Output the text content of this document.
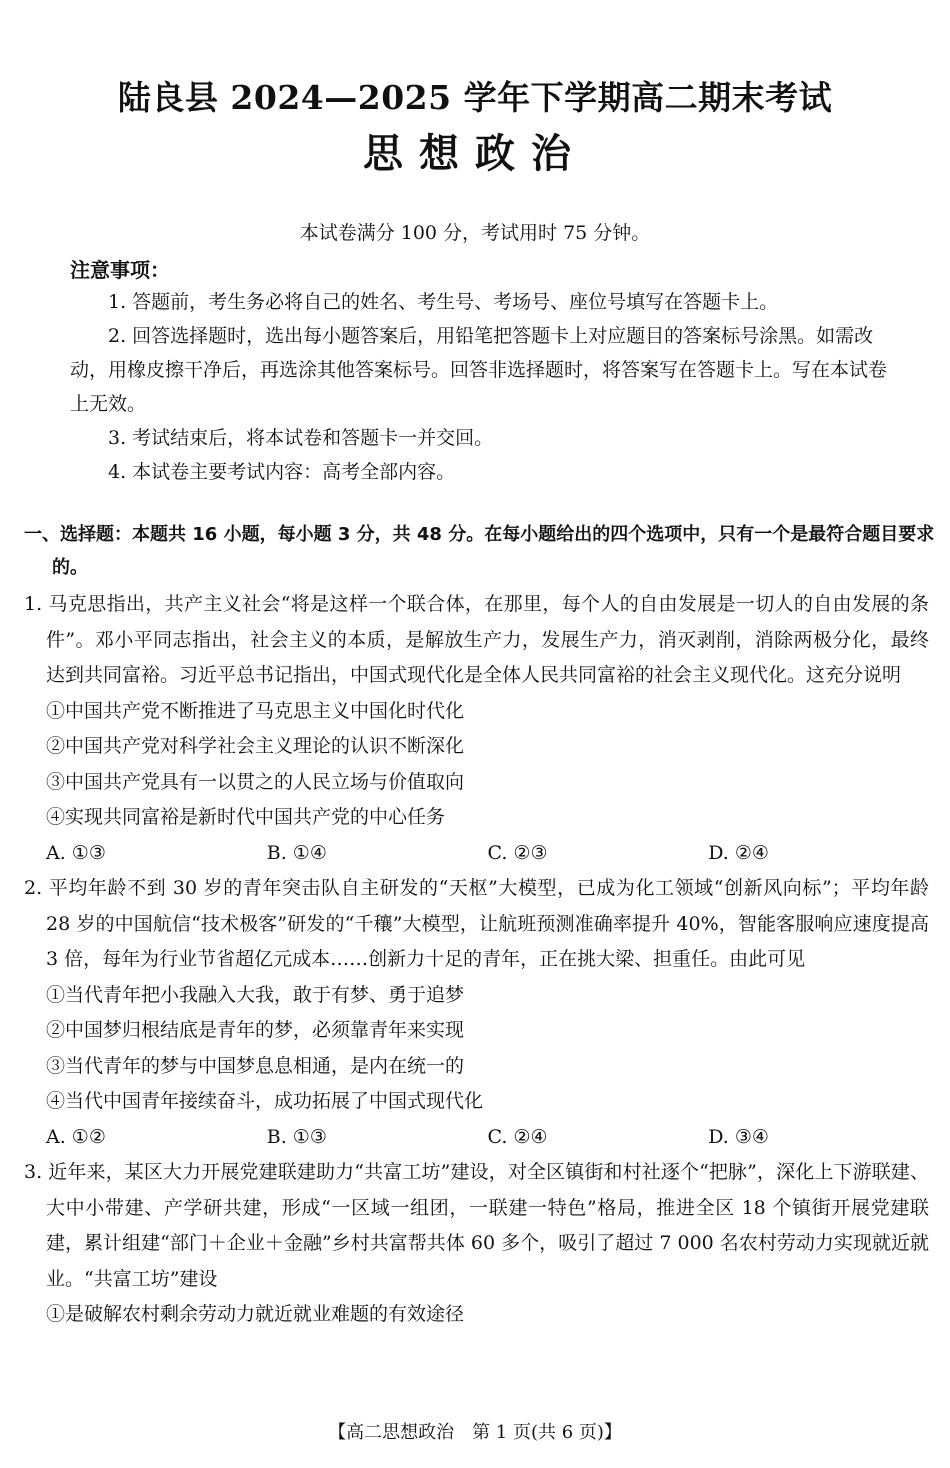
陆良县 2024—2025 学年下学期高二期末考试
思想政治

本试卷满分 100 分，考试用时 75 分钟。

注意事项：

1. 答题前，考生务必将自己的姓名、考生号、考场号、座位号填写在答题卡上。

2. 回答选择题时，选出每小题答案后，用铅笔把答题卡上对应题目的答案标号涂黑。如需改动，用橡皮擦干净后，再选涂其他答案标号。回答非选择题时，将答案写在答题卡上。写在本试卷上无效。

3. 考试结束后，将本试卷和答题卡一并交回。

4. 本试卷主要考试内容：高考全部内容。

一、选择题：本题共 16 小题，每小题 3 分，共 48 分。在每小题给出的四个选项中，只有一个是最符合题目要求的。

1. 马克思指出，共产主义社会“将是这样一个联合体，在那里，每个人的自由发展是一切人的自由发展的条件”。邓小平同志指出，社会主义的本质，是解放生产力，发展生产力，消灭剥削，消除两极分化，最终达到共同富裕。习近平总书记指出，中国式现代化是全体人民共同富裕的社会主义现代化。这充分说明

①中国共产党不断推进了马克思主义中国化时代化

②中国共产党对科学社会主义理论的认识不断深化

③中国共产党具有一以贯之的人民立场与价值取向

④实现共同富裕是新时代中国共产党的中心任务

A. ①③	B. ①④	C. ②③	D. ②④

2. 平均年龄不到 30 岁的青年突击队自主研发的“天枢”大模型，已成为化工领域“创新风向标”；平均年龄 28 岁的中国航信“技术极客”研发的“千穰”大模型，让航班预测准确率提升 40%，智能客服响应速度提高 3 倍，每年为行业节省超亿元成本……创新力十足的青年，正在挑大梁、担重任。由此可见

①当代青年把小我融入大我，敢于有梦、勇于追梦

②中国梦归根结底是青年的梦，必须靠青年来实现

③当代青年的梦与中国梦息息相通，是内在统一的

④当代中国青年接续奋斗，成功拓展了中国式现代化

A. ①②	B. ①③	C. ②④	D. ③④

3. 近年来，某区大力开展党建联建助力“共富工坊”建设，对全区镇街和村社逐个“把脉”，深化上下游联建、大中小带建、产学研共建，形成“一区域一组团，一联建一特色”格局，推进全区 18 个镇街开展党建联建，累计组建“部门＋企业＋金融”乡村共富帮共体 60 多个，吸引了超过 7 000 名农村劳动力实现就近就业。“共富工坊”建设

①是破解农村剩余劳动力就近就业难题的有效途径

【高二思想政治　第 1 页(共 6 页)】
